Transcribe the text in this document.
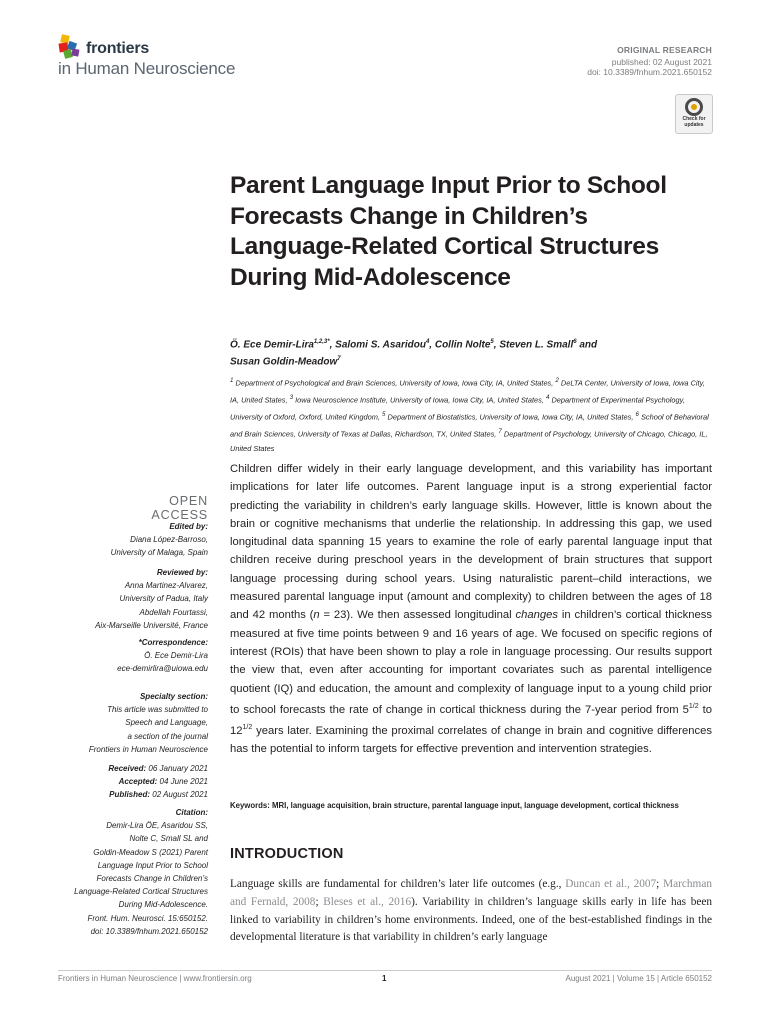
frontiers
in Human Neuroscience
ORIGINAL RESEARCH
published: 02 August 2021
doi: 10.3389/fnhum.2021.650152
Check for updates
Parent Language Input Prior to School Forecasts Change in Children’s Language-Related Cortical Structures During Mid-Adolescence
Ö. Ece Demir-Lira$^{1,2,3*}$, Salomi S. Asaridou$^4$, Collin Nolte$^5$, Steven L. Small$^6$ and
Susan Goldin-Meadow$^7$
$^1$ Department of Psychological and Brain Sciences, University of Iowa, Iowa City, IA, United States, $^2$ DeLTA Center, University of Iowa, Iowa City, IA, United States, $^3$ Iowa Neuroscience Institute, University of Iowa, Iowa City, IA, United States, $^4$ Department of Experimental Psychology, University of Oxford, Oxford, United Kingdom, $^5$ Department of Biostatistics, University of Iowa, Iowa City, IA, United States, $^6$ School of Behavioral and Brain Sciences, University of Texas at Dallas, Richardson, TX, United States, $^7$ Department of Psychology, University of Chicago, Chicago, IL, United States

Children differ widely in their early language development, and this variability has important implications for later life outcomes. Parent language input is a strong experiential factor predicting the variability in children’s early language skills. However, little is known about the brain or cognitive mechanisms that underlie the relationship. In addressing this gap, we used longitudinal data spanning 15 years to examine the role of early parental language input that children receive during preschool years in the development of brain structures that support language processing during school years. Using naturalistic parent–child interactions, we measured parental language input (amount and complexity) to children between the ages of 18 and 42 months (n = 23). We then assessed longitudinal changes in children’s cortical thickness measured at five time points between 9 and 16 years of age. We focused on specific regions of interest (ROIs) that have been shown to play a role in language processing. Our results support the view that, even after accounting for important covariates such as parental intelligence quotient (IQ) and education, the amount and complexity of language input to a young child prior to school forecasts the rate of change in cortical thickness during the 7-year period from $5^{1/2}$ to $12^{1/2}$ years later. Examining the proximal correlates of change in brain and cognitive differences has the potential to inform targets for effective prevention and intervention strategies.

Keywords: MRI, language acquisition, brain structure, parental language input, language development, cortical thickness
INTRODUCTION
Language skills are fundamental for children’s later life outcomes (e.g., Duncan et al., 2007; Marchman and Fernald, 2008; Bleses et al., 2016). Variability in children’s language skills early in life has been linked to variability in children’s home environments. Indeed, one of the best-established findings in the developmental literature is that variability in children’s early language
OPEN ACCESS
Edited by:
Diana López-Barroso,
University of Malaga, Spain
Reviewed by:
Anna Martinez-Alvarez,
University of Padua, Italy
Abdellah Fourtassi,
Aix-Marseille Université, France
*Correspondence:
Ö. Ece Demir-Lira
ece-demirlira@uiowa.edu
Specialty section:
This article was submitted to
Speech and Language,
a section of the journal
Frontiers in Human Neuroscience
Received: 06 January 2021
Accepted: 04 June 2021
Published: 02 August 2021
Citation:
Demir-Lira ÖE, Asaridou SS,
Nolte C, Small SL and
Goldin-Meadow S (2021) Parent
Language Input Prior to School
Forecasts Change in Children’s
Language-Related Cortical Structures
During Mid-Adolescence.
Front. Hum. Neurosci. 15:650152.
doi: 10.3389/fnhum.2021.650152
Frontiers in Human Neuroscience | www.frontiersin.org	1	August 2021 | Volume 15 | Article 650152
